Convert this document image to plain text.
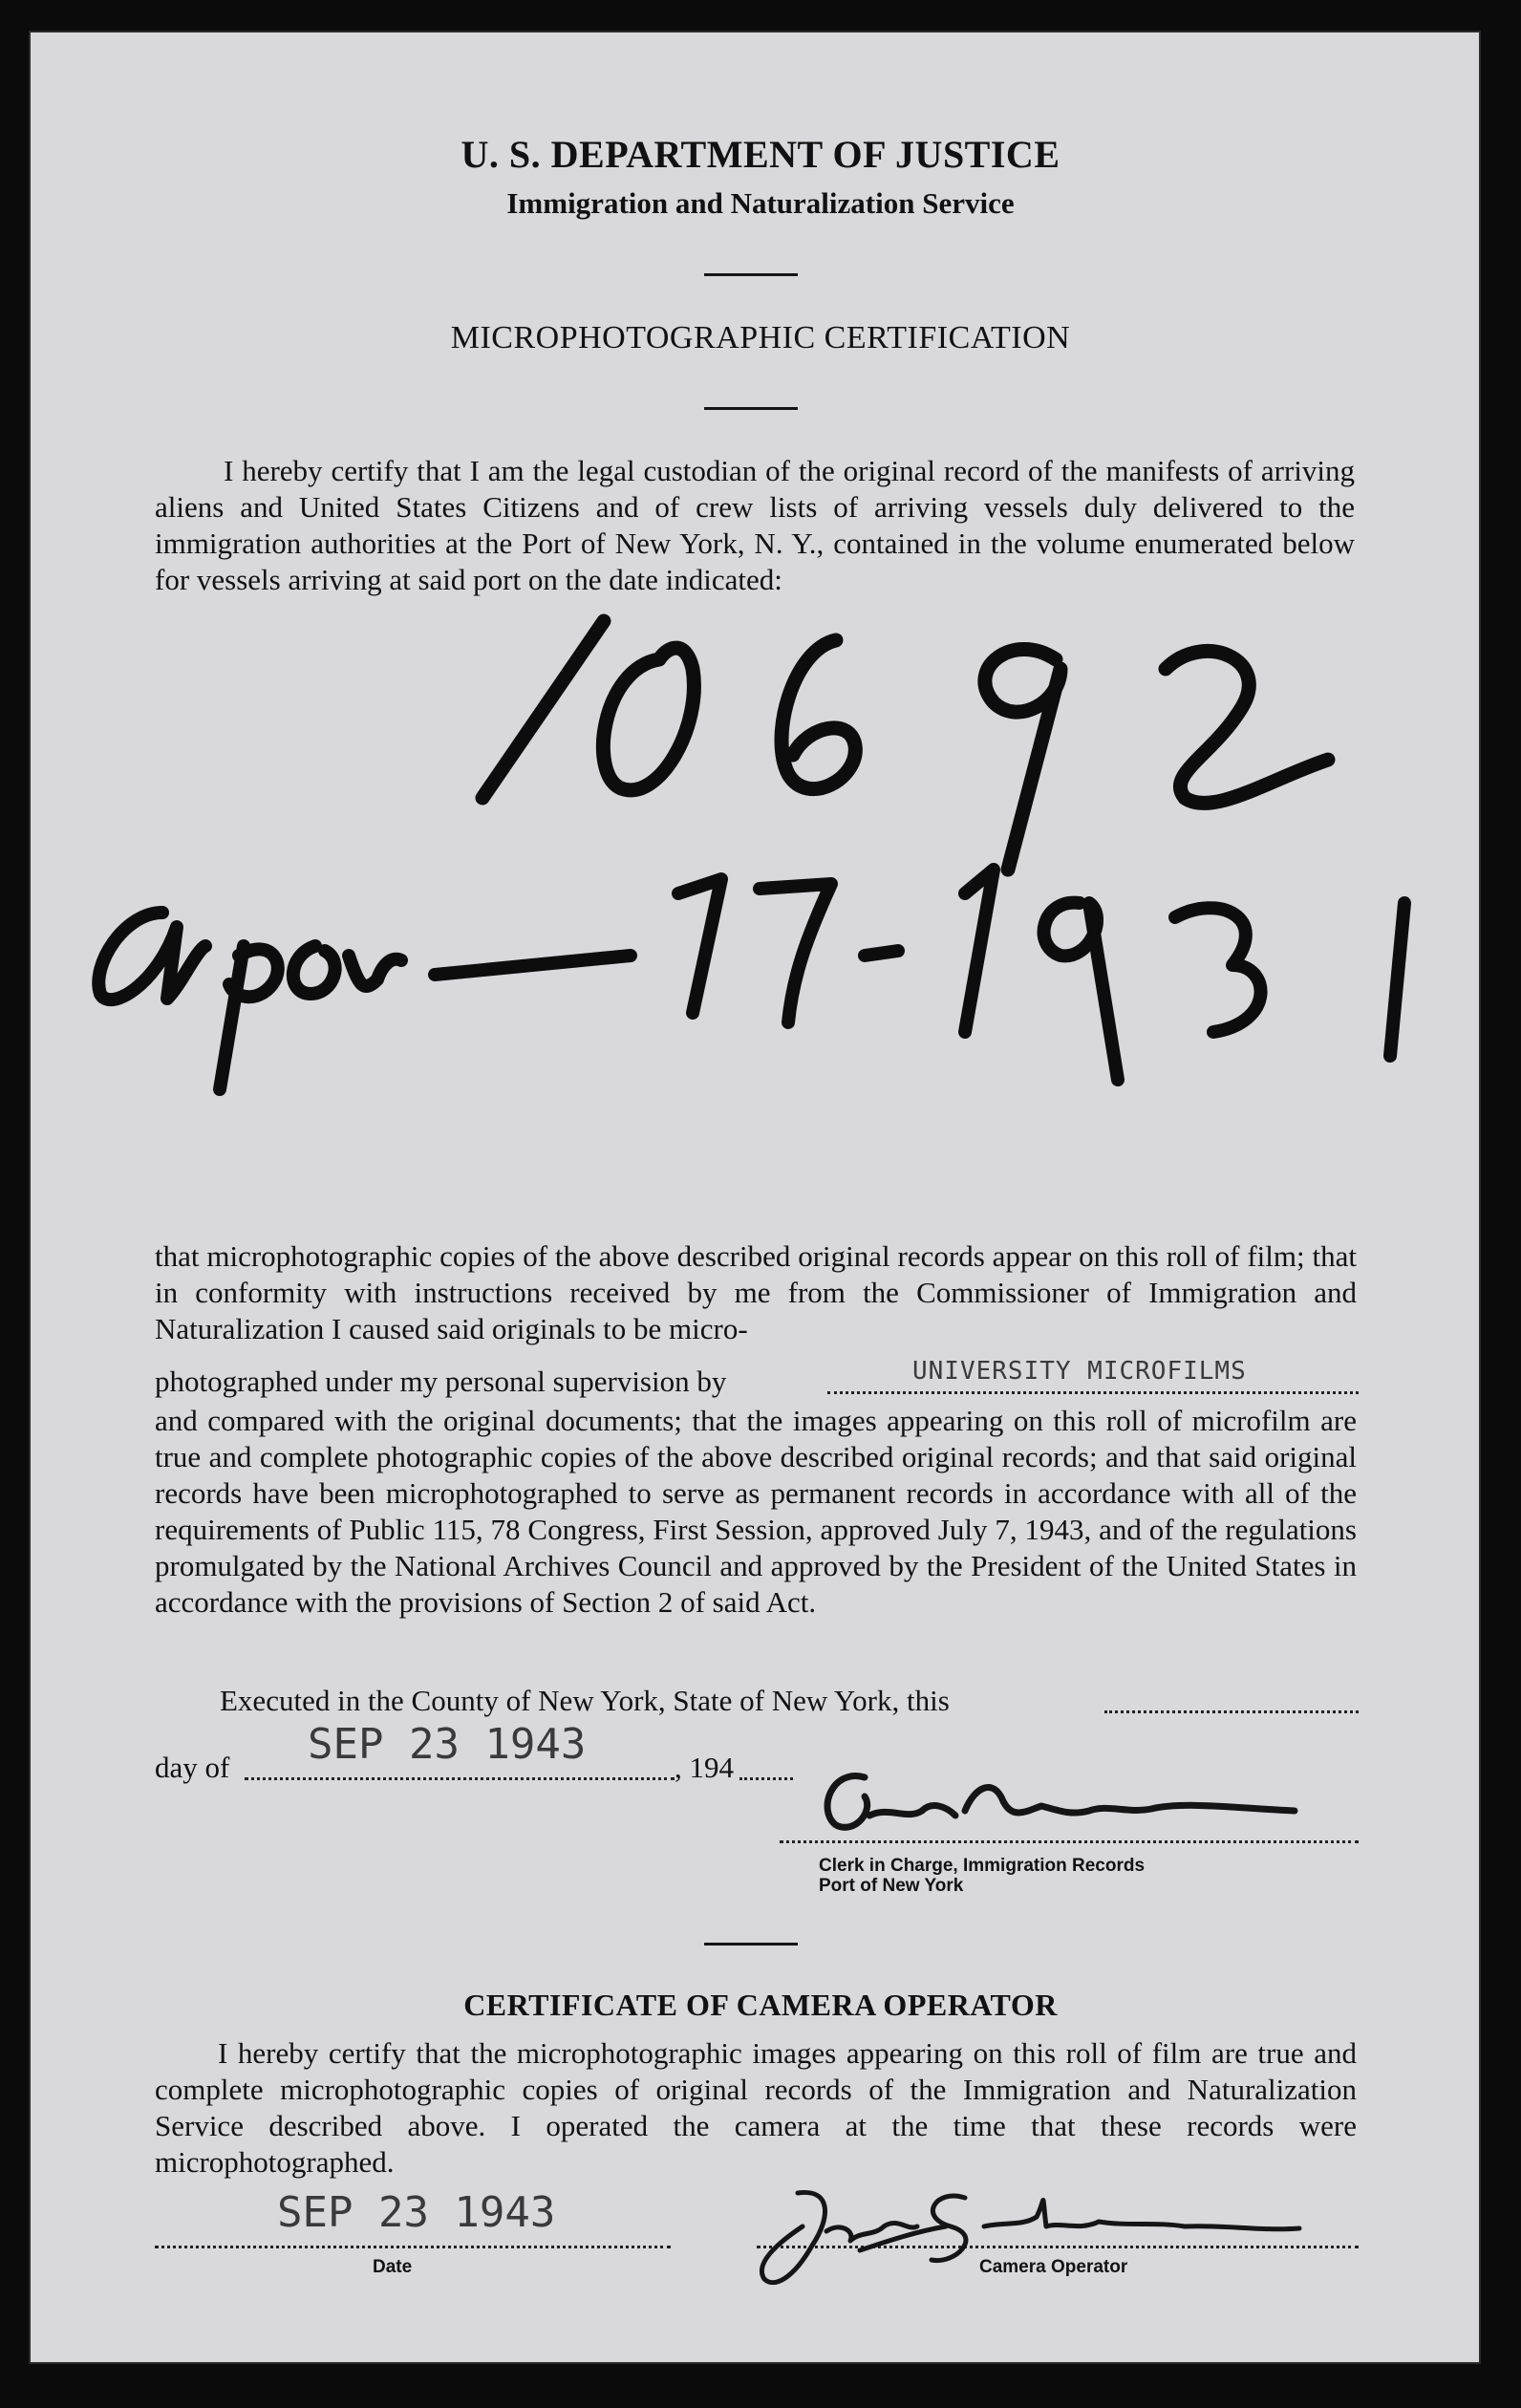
U. S. DEPARTMENT OF JUSTICE
Immigration and Naturalization Service
MICROPHOTOGRAPHIC CERTIFICATION

I hereby certify that I am the legal custodian of the original record of the manifests of arriving aliens and United States Citizens and of crew lists of arriving vessels duly delivered to the immigration authorities at the Port of New York, N. Y., contained in the volume enumerated below for vessels arriving at said port on the date indicated:

that microphotographic copies of the above described original records appear on this roll of film; that in conformity with instructions received by me from the Commissioner of Immigration and Naturalization I caused said originals to be micro-

photographed under my personal supervision by	UNIVERSITY MICROFILMS

and compared with the original documents; that the images appearing on this roll of microfilm are true and complete photographic copies of the above described original records; and that said original records have been microphotographed to serve as permanent records in accordance with all of the requirements of Public 115, 78 Congress, First Session, approved July 7, 1943, and of the regulations promulgated by the National Archives Council and approved by the President of the United States in accordance with the provisions of Section 2 of said Act.

Executed in the County of New York, State of New York, this
day of SEP 23 1943	, 194
Clerk in Charge, Immigration Records
Port of New York
CERTIFICATE OF CAMERA OPERATOR

I hereby certify that the microphotographic images appearing on this roll of film are true and complete microphotographic copies of original records of the Immigration and Naturalization Service described above. I operated the camera at the time that these records were microphotographed.

SEP 23 1943
Date	Camera Operator
